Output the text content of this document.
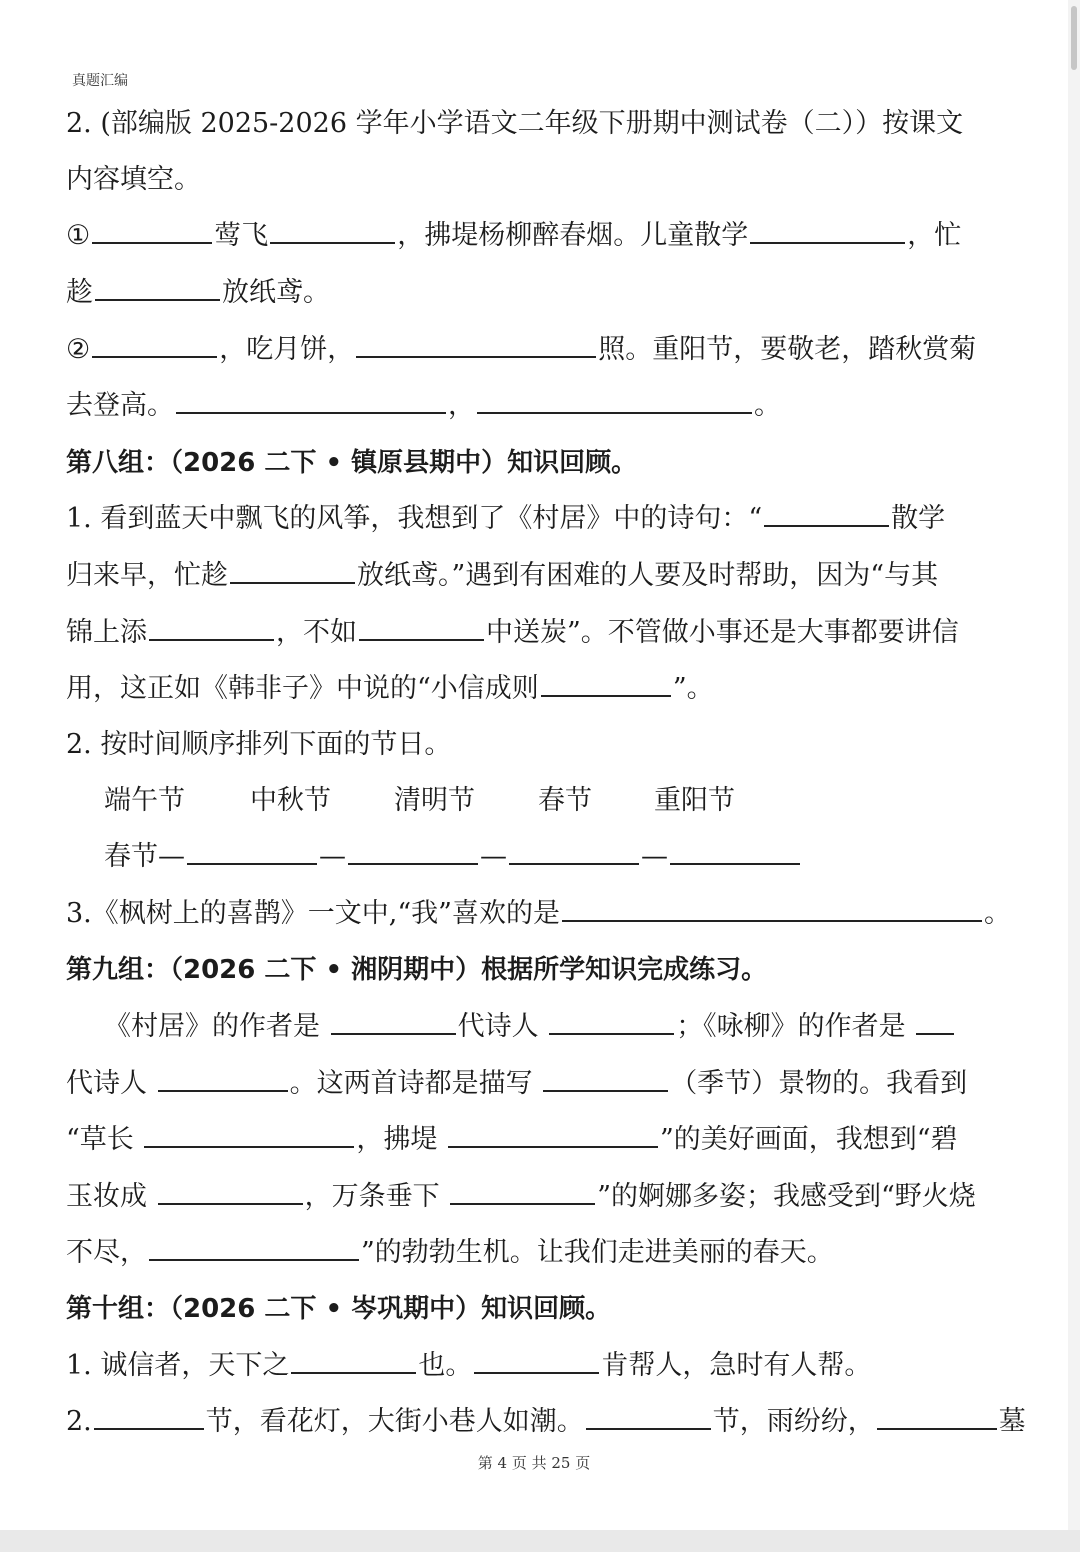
真题汇编
2. (部编版 2025-2026 学年小学语文二年级下册期中测试卷（二））按课文
内容填空。
①	莺飞	，拂堤杨柳醉春烟。儿童散学	，忙
趁	放纸鸢。
②	，吃月饼，	照。重阳节，要敬老，踏秋赏菊
去登高。	，	。
第八组：（2026 二下 • 镇原县期中）知识回顾。
1. 看到蓝天中飘飞的风筝，我想到了《村居》中的诗句：“	散学
归来早，忙趁	放纸鸢。”遇到有困难的人要及时帮助，因为“与其
锦上添	，不如	中送炭”。不管做小事还是大事都要讲信
用，这正如《韩非子》中说的“小信成则	”。
2. 按时间顺序排列下面的节日。
端午节 中秋节 清明节 春节 重阳节
春节—	—	—	—
3.《枫树上的喜鹊》一文中,“我”喜欢的是	。
第九组：（2026 二下 • 湘阴期中）根据所学知识完成练习。
《村居》的作者是	代诗人	；《咏柳》的作者是
代诗人	。这两首诗都是描写	（季节）景物的。我看到
“草长	，拂堤	”的美好画面，我想到“碧
玉妆成	，万条垂下	”的婀娜多姿；我感受到“野火烧
不尽，	”的勃勃生机。让我们走进美丽的春天。
第十组：（2026 二下 • 岑巩期中）知识回顾。
1. 诚信者，天下之	也。	肯帮人，急时有人帮。
2.	节，看花灯，大街小巷人如潮。	节，雨纷纷，	墓
第 4 页 共 25 页
